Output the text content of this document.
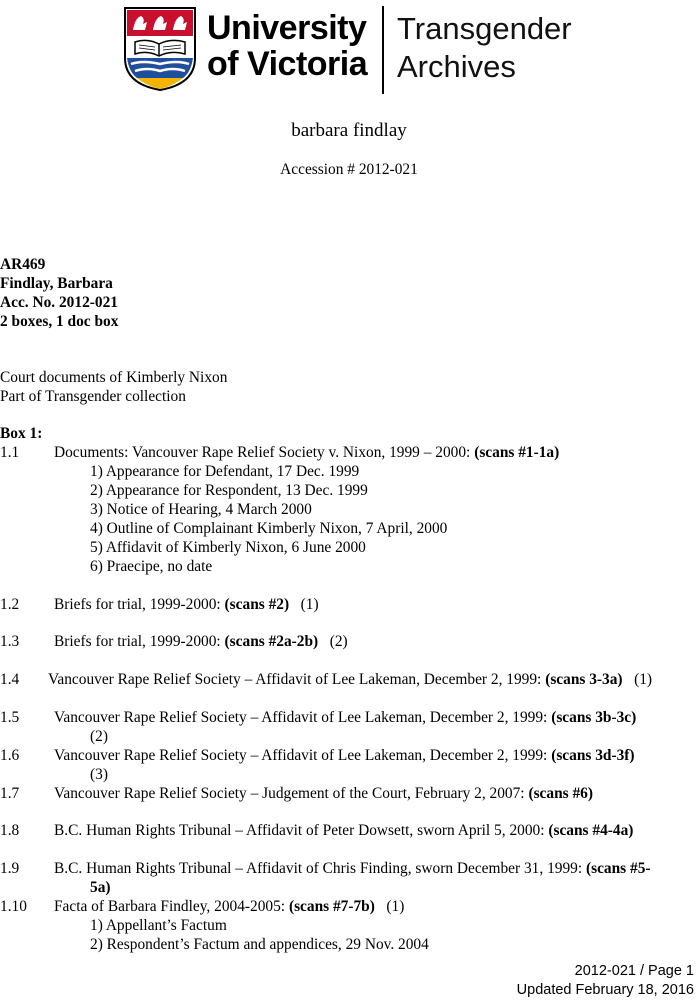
University
of Victoria
Transgender
Archives
barbara findlay
Accession # 2012-021
AR469
Findlay, Barbara
Acc. No. 2012-021
2 boxes, 1 doc box
Court documents of Kimberly Nixon
Part of Transgender collection
Box 1:
1.1 Documents: Vancouver Rape Relief Society v. Nixon, 1999 – 2000: (scans #1-1a)
1) Appearance for Defendant, 17 Dec. 1999
2) Appearance for Respondent, 13 Dec. 1999
3) Notice of Hearing, 4 March 2000
4) Outline of Complainant Kimberly Nixon, 7 April, 2000
5) Affidavit of Kimberly Nixon, 6 June 2000
6) Praecipe, no date
1.2 Briefs for trial, 1999-2000: (scans #2)   (1)
1.3 Briefs for trial, 1999-2000: (scans #2a-2b)   (2)
1.4 Vancouver Rape Relief Society – Affidavit of Lee Lakeman, December 2, 1999: (scans 3-3a)   (1)
1.5 Vancouver Rape Relief Society – Affidavit of Lee Lakeman, December 2, 1999: (scans 3b-3c)
(2)
1.6 Vancouver Rape Relief Society – Affidavit of Lee Lakeman, December 2, 1999: (scans 3d-3f)
(3)
1.7 Vancouver Rape Relief Society – Judgement of the Court, February 2, 2007: (scans #6)
1.8 B.C. Human Rights Tribunal – Affidavit of Peter Dowsett, sworn April 5, 2000: (scans #4-4a)
1.9 B.C. Human Rights Tribunal – Affidavit of Chris Finding, sworn December 31, 1999: (scans #5-
5a)
1.10 Facta of Barbara Findley, 2004-2005: (scans #7-7b)   (1)
1) Appellant’s Factum
2) Respondent’s Factum and appendices, 29 Nov. 2004
2012-021 / Page 1
Updated February 18, 2016
